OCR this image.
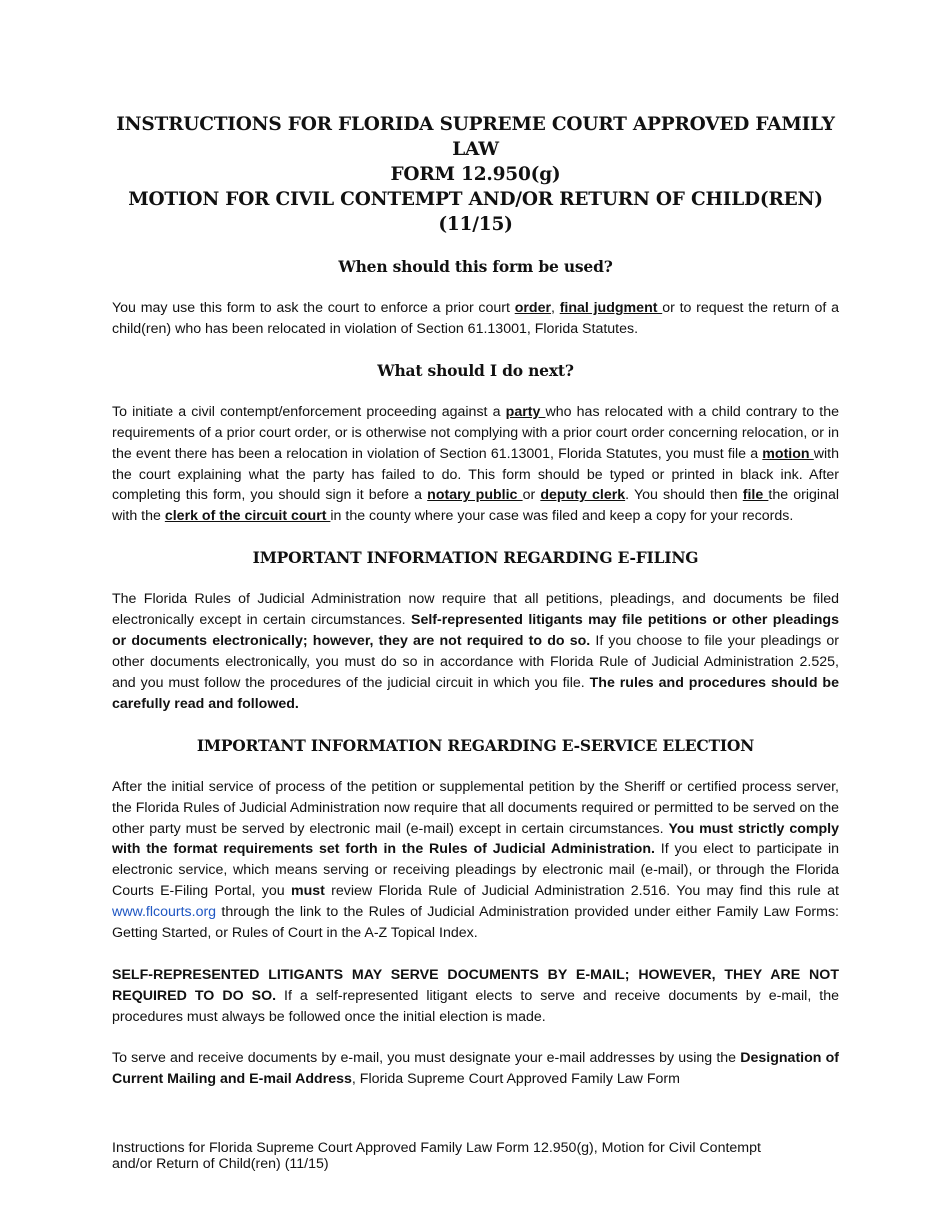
INSTRUCTIONS FOR FLORIDA SUPREME COURT APPROVED FAMILY LAW
FORM 12.950(g)
MOTION FOR CIVIL CONTEMPT AND/OR RETURN OF CHILD(REN)
(11/15)
When should this form be used?

You may use this form to ask the court to enforce a prior court order, final judgment or to request the return of a child(ren) who has been relocated in violation of Section 61.13001, Florida Statutes.

What should I do next?

To initiate a civil contempt/enforcement proceeding against a party who has relocated with a child contrary to the requirements of a prior court order, or is otherwise not complying with a prior court order concerning relocation, or in the event there has been a relocation in violation of Section 61.13001, Florida Statutes, you must file a motion with the court explaining what the party has failed to do. This form should be typed or printed in black ink. After completing this form, you should sign it before a notary public or deputy clerk. You should then file the original with the clerk of the circuit court in the county where your case was filed and keep a copy for your records.

IMPORTANT INFORMATION REGARDING E-FILING

The Florida Rules of Judicial Administration now require that all petitions, pleadings, and documents be filed electronically except in certain circumstances. Self-represented litigants may file petitions or other pleadings or documents electronically; however, they are not required to do so. If you choose to file your pleadings or other documents electronically, you must do so in accordance with Florida Rule of Judicial Administration 2.525, and you must follow the procedures of the judicial circuit in which you file. The rules and procedures should be carefully read and followed.

IMPORTANT INFORMATION REGARDING E-SERVICE ELECTION

After the initial service of process of the petition or supplemental petition by the Sheriff or certified process server, the Florida Rules of Judicial Administration now require that all documents required or permitted to be served on the other party must be served by electronic mail (e-mail) except in certain circumstances. You must strictly comply with the format requirements set forth in the Rules of Judicial Administration. If you elect to participate in electronic service, which means serving or receiving pleadings by electronic mail (e-mail), or through the Florida Courts E-Filing Portal, you must review Florida Rule of Judicial Administration 2.516. You may find this rule at www.flcourts.org through the link to the Rules of Judicial Administration provided under either Family Law Forms: Getting Started, or Rules of Court in the A-Z Topical Index.

SELF-REPRESENTED LITIGANTS MAY SERVE DOCUMENTS BY E-MAIL; HOWEVER, THEY ARE NOT REQUIRED TO DO SO. If a self-represented litigant elects to serve and receive documents by e-mail, the procedures must always be followed once the initial election is made.

To serve and receive documents by e-mail, you must designate your e-mail addresses by using the Designation of Current Mailing and E-mail Address, Florida Supreme Court Approved Family Law Form

Instructions for Florida Supreme Court Approved Family Law Form 12.950(g), Motion for Civil Contempt
and/or Return of Child(ren) (11/15)
